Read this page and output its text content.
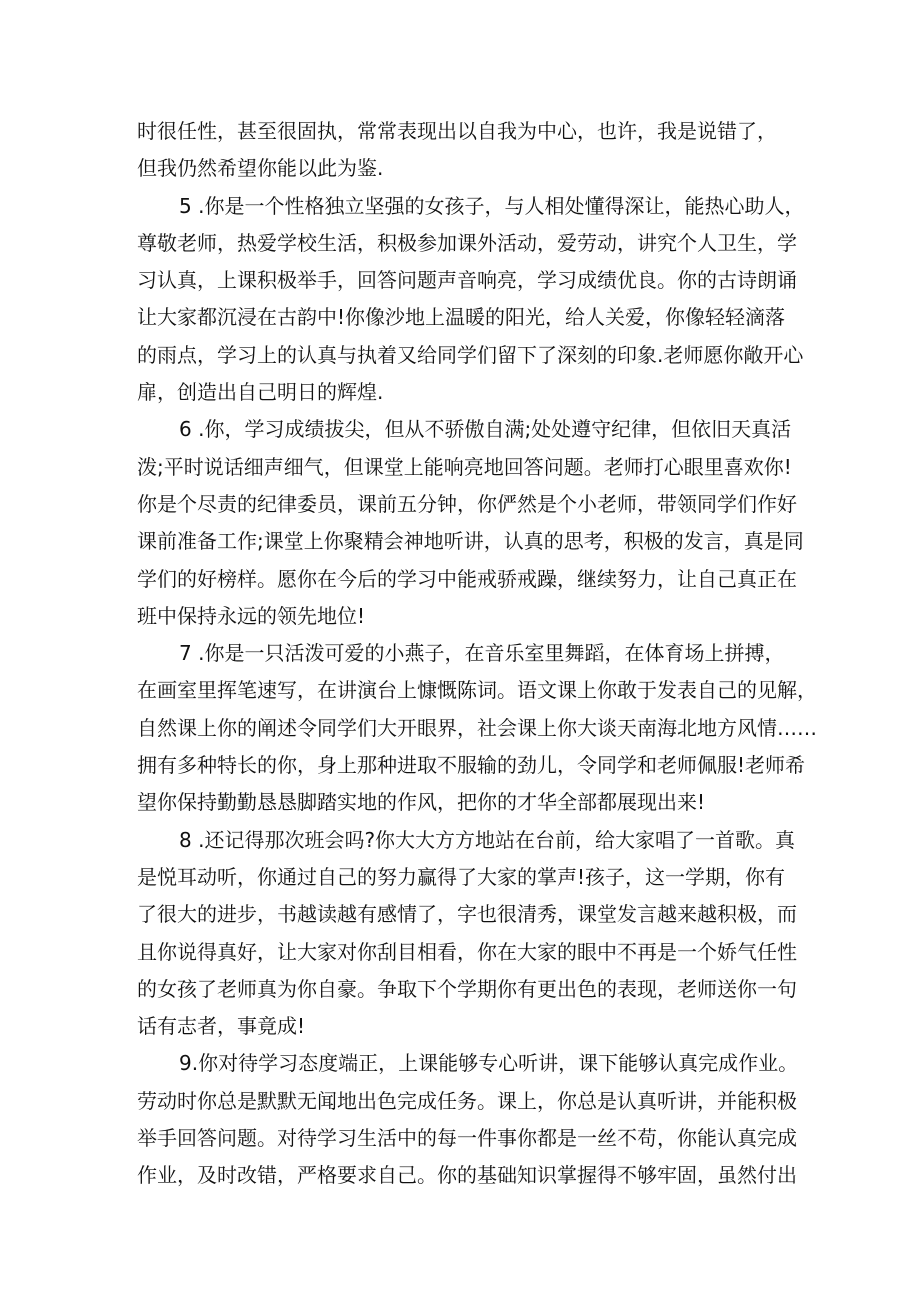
时很任性，甚至很固执，常常表现出以自我为中心，也许，我是说错了，
但我仍然希望你能以此为鉴.
5 .你是一个性格独立坚强的女孩子，与人相处懂得深让，能热心助人，
尊敬老师，热爱学校生活，积极参加课外活动，爱劳动，讲究个人卫生，学
习认真，上课积极举手，回答问题声音响亮，学习成绩优良。你的古诗朗诵
让大家都沉浸在古韵中!你像沙地上温暖的阳光，给人关爱，你像轻轻滴落
的雨点，学习上的认真与执着又给同学们留下了深刻的印象.老师愿你敞开心
扉，创造出自己明日的辉煌.
6 .你，学习成绩拔尖，但从不骄傲自满;处处遵守纪律，但依旧天真活
泼;平时说话细声细气，但课堂上能响亮地回答问题。老师打心眼里喜欢你!
你是个尽责的纪律委员，课前五分钟，你俨然是个小老师，带领同学们作好
课前准备工作;课堂上你聚精会神地听讲，认真的思考，积极的发言，真是同
学们的好榜样。愿你在今后的学习中能戒骄戒躁，继续努力，让自己真正在
班中保持永远的领先地位!
7 .你是一只活泼可爱的小燕子，在音乐室里舞蹈，在体育场上拼搏，
在画室里挥笔速写，在讲演台上慷慨陈词。语文课上你敢于发表自己的见解，
自然课上你的阐述令同学们大开眼界，社会课上你大谈天南海北地方风情……
拥有多种特长的你，身上那种进取不服输的劲儿，令同学和老师佩服!老师希
望你保持勤勤恳恳脚踏实地的作风，把你的才华全部都展现出来!
8 .还记得那次班会吗?你大大方方地站在台前，给大家唱了一首歌。真
是悦耳动听，你通过自己的努力赢得了大家的掌声!孩子，这一学期，你有
了很大的进步，书越读越有感情了，字也很清秀，课堂发言越来越积极，而
且你说得真好，让大家对你刮目相看，你在大家的眼中不再是一个娇气任性
的女孩了老师真为你自豪。争取下个学期你有更出色的表现，老师送你一句
话有志者，事竟成!
9.你对待学习态度端正，上课能够专心听讲，课下能够认真完成作业。
劳动时你总是默默无闻地出色完成任务。课上，你总是认真听讲，并能积极
举手回答问题。对待学习生活中的每一件事你都是一丝不苟，你能认真完成
作业，及时改错，严格要求自己。你的基础知识掌握得不够牢固，虽然付出
